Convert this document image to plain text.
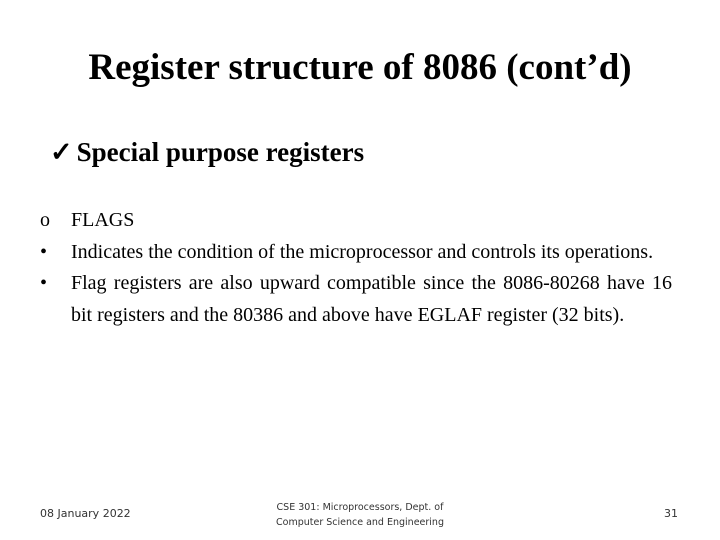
Register structure of 8086 (cont’d)
✓ Special purpose registers
o	FLAGS
•	Indicates the condition of the microprocessor and controls its operations.
•	Flag registers are also upward compatible since the 8086-80268 have 16 bit registers and the 80386 and above have EGLAF register (32 bits).
08 January 2022	CSE 301: Microprocessors, Dept. of
Computer Science and Engineering
31
